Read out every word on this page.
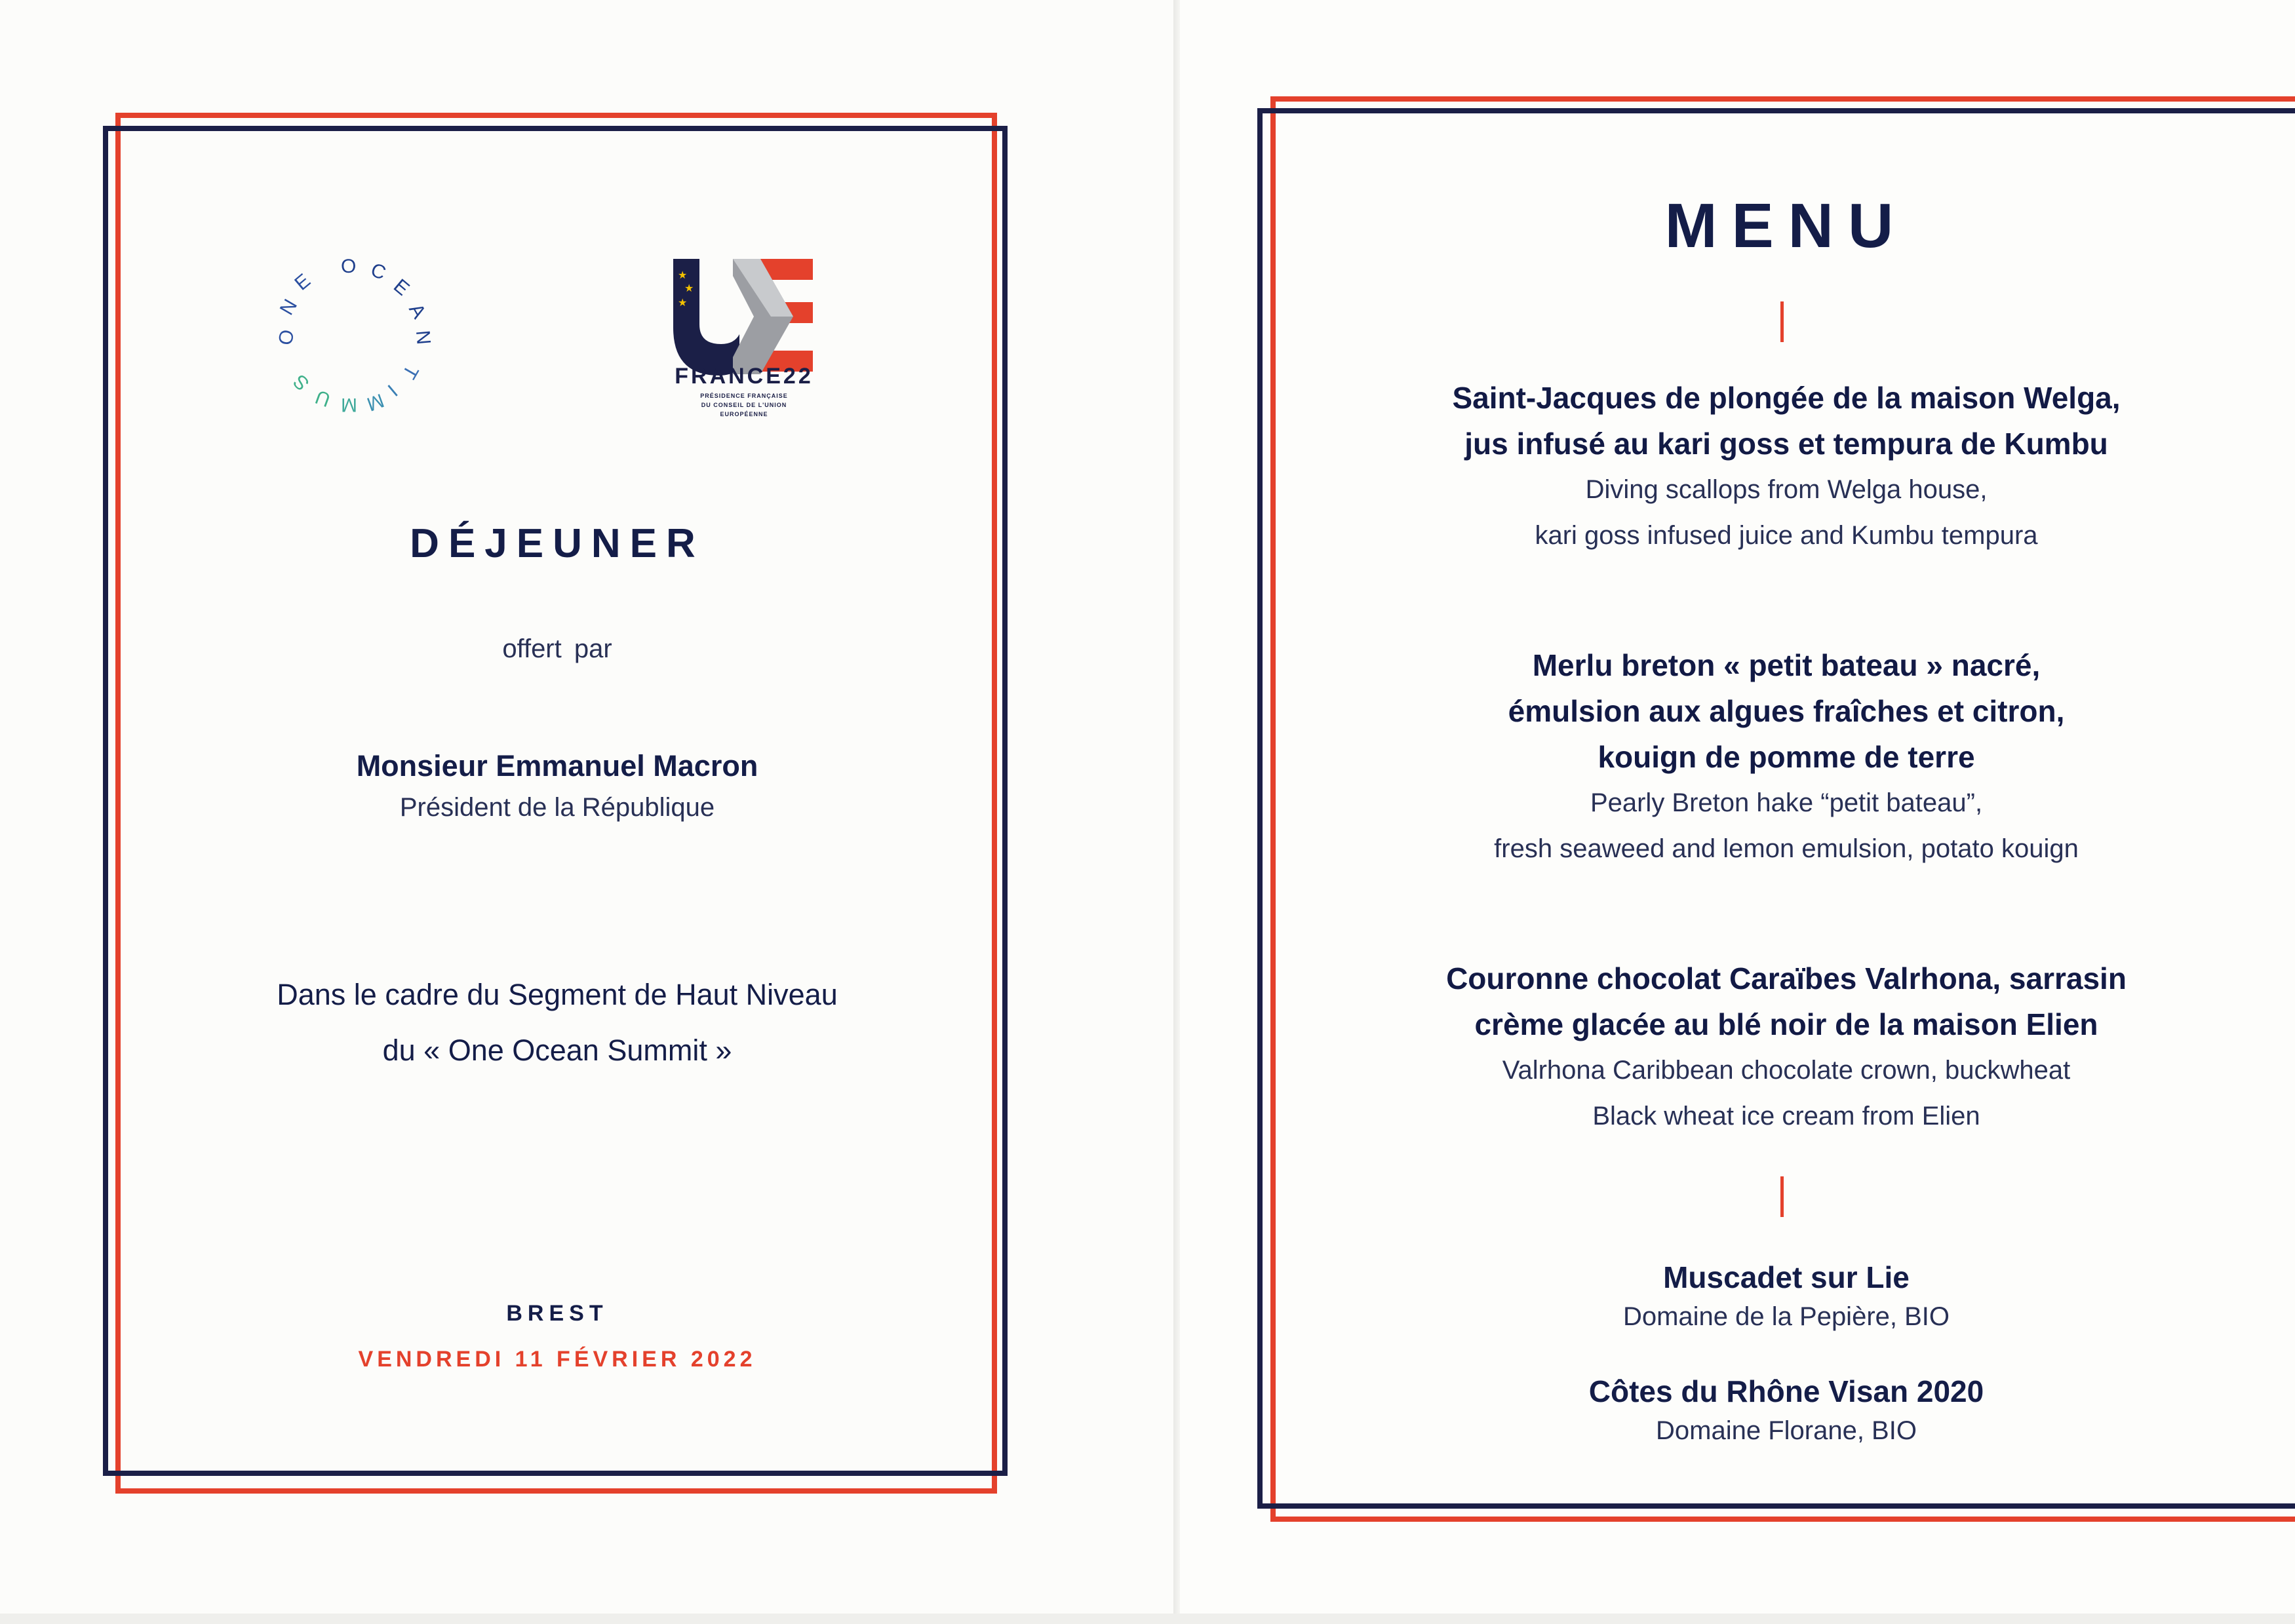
O
N
E
O C
E
A
N
S
U M M
I
T
★
★
★
FRANCE22
PRÉSIDENCE FRANÇAISE
DU CONSEIL DE L'UNION
EUROPÉENNE
DÉJEUNER
offert par
Monsieur Emmanuel Macron
Président de la République
Dans le cadre du Segment de Haut Niveau
du « One Ocean Summit »
BREST
VENDREDI 11 FÉVRIER 2022
MENU
Saint-Jacques de plongée de la maison Welga,
jus infusé au kari goss et tempura de Kumbu
Diving scallops from Welga house,
kari goss infused juice and Kumbu tempura
Merlu breton « petit bateau » nacré,
émulsion aux algues fraîches et citron,
kouign de pomme de terre
Pearly Breton hake “petit bateau”,
fresh seaweed and lemon emulsion, potato kouign
Couronne chocolat Caraïbes Valrhona, sarrasin
crème glacée au blé noir de la maison Elien
Valrhona Caribbean chocolate crown, buckwheat
Black wheat ice cream from Elien
Muscadet sur Lie
Domaine de la Pepière, BIO
Côtes du Rhône Visan 2020
Domaine Florane, BIO
